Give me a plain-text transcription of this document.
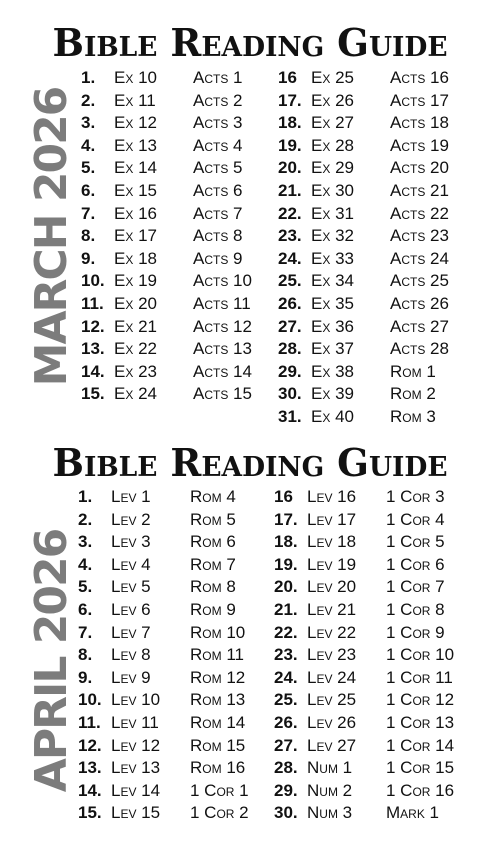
Bible Reading Guide
MARCH 2026
1. Ex 10 Acts 1
2. Ex 11 Acts 2
3. Ex 12 Acts 3
4. Ex 13 Acts 4
5. Ex 14 Acts 5
6. Ex 15 Acts 6
7. Ex 16 Acts 7
8. Ex 17 Acts 8
9. Ex 18 Acts 9
10. Ex 19 Acts 10
11. Ex 20 Acts 11
12. Ex 21 Acts 12
13. Ex 22 Acts 13
14. Ex 23 Acts 14
15. Ex 24 Acts 15
16 Ex 25 Acts 16
17. Ex 26 Acts 17
18. Ex 27 Acts 18
19. Ex 28 Acts 19
20. Ex 29 Acts 20
21. Ex 30 Acts 21
22. Ex 31 Acts 22
23. Ex 32 Acts 23
24. Ex 33 Acts 24
25. Ex 34 Acts 25
26. Ex 35 Acts 26
27. Ex 36 Acts 27
28. Ex 37 Acts 28
29. Ex 38 Rom 1
30. Ex 39 Rom 2
31. Ex 40 Rom 3
Bible Reading Guide
APRIL 2026
1. Lev 1 Rom 4
2. Lev 2 Rom 5
3. Lev 3 Rom 6
4. Lev 4 Rom 7
5. Lev 5 Rom 8
6. Lev 6 Rom 9
7. Lev 7 Rom 10
8. Lev 8 Rom 11
9. Lev 9 Rom 12
10. Lev 10 Rom 13
11. Lev 11 Rom 14
12. Lev 12 Rom 15
13. Lev 13 Rom 16
14. Lev 14 1 Cor 1
15. Lev 15 1 Cor 2
16 Lev 16 1 Cor 3
17. Lev 17 1 Cor 4
18. Lev 18 1 Cor 5
19. Lev 19 1 Cor 6
20. Lev 20 1 Cor 7
21. Lev 21 1 Cor 8
22. Lev 22 1 Cor 9
23. Lev 23 1 Cor 10
24. Lev 24 1 Cor 11
25. Lev 25 1 Cor 12
26. Lev 26 1 Cor 13
27. Lev 27 1 Cor 14
28. Num 1 1 Cor 15
29. Num 2 1 Cor 16
30. Num 3 Mark 1
